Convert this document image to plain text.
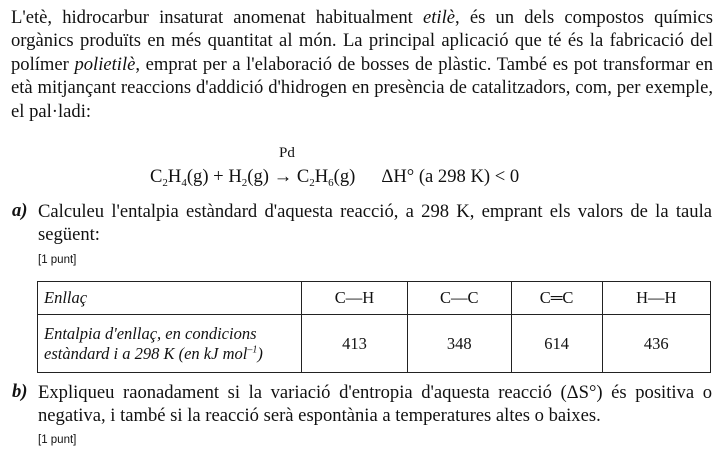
L'etè, hidrocarbur insaturat anomenat habitualment etilè, és un dels compostos químics orgànics produïts en més quantitat al món. La principal aplicació que té és la fabricació del polímer polietilè, emprat per a l'elaboració de bosses de plàstic. També es pot transformar en età mitjançant reaccions d'addició d'hidrogen en presència de catalitzadors, com, per exemple, el pal·ladi:
Pd
$C_2H_4(g) + H_2(g) \to C_2H_6(g)$ ΔH° (a 298 K) < 0
a) Calculeu l'entalpia estàndard d'aquesta reacció, a 298 K, emprant els valors de la taula següent:
[1 punt]
Enllaç	C—H	C—C	C═C	H—H
Entalpia d'enllaç, en condicions
estàndard i a 298 K (en kJ mol$^{-1}$)	413	348	614	436
b) Expliqueu raonadament si la variació d'entropia d'aquesta reacció (ΔS°) és positiva o negativa, i també si la reacció serà espontània a temperatures altes o baixes.
[1 punt]
